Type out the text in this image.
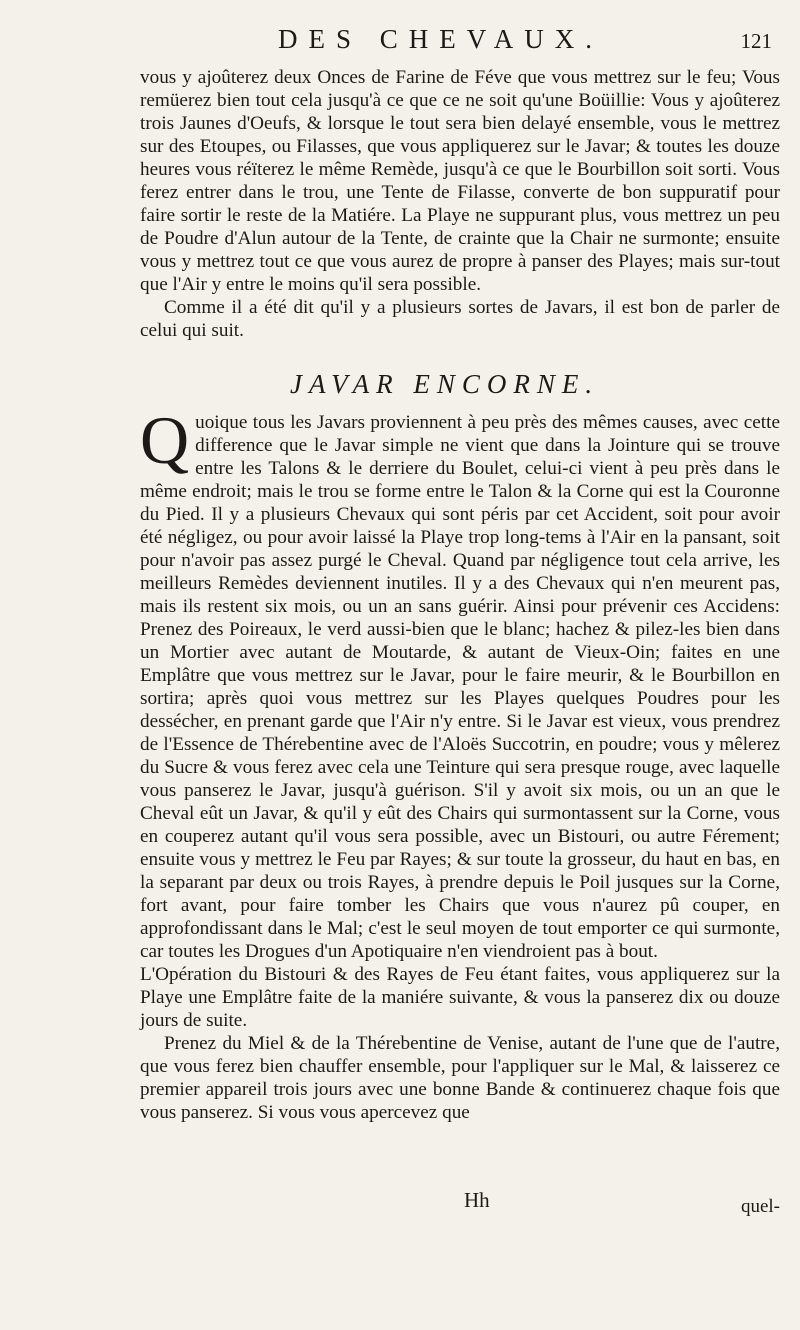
DES CHEVAUX.	121

vous y ajoûterez deux Onces de Farine de Féve que vous mettrez sur le feu; Vous remüerez bien tout cela jusqu'à ce que ce ne soit qu'une Boüillie: Vous y ajoûterez trois Jaunes d'Oeufs, & lorsque le tout sera bien delayé ensemble, vous le mettrez sur des Etoupes, ou Filasses, que vous appliquerez sur le Javar; & toutes les douze heures vous réïterez le même Remède, jusqu'à ce que le Bourbillon soit sorti. Vous ferez entrer dans le trou, une Tente de Filasse, converte de bon suppuratif pour faire sortir le reste de la Matiére. La Playe ne suppurant plus, vous mettrez un peu de Poudre d'Alun autour de la Tente, de crainte que la Chair ne surmonte; ensuite vous y mettrez tout ce que vous aurez de propre à panser des Playes; mais sur-tout que l'Air y entre le moins qu'il sera possible.

Comme il a été dit qu'il y a plusieurs sortes de Javars, il est bon de parler de celui qui suit.

JAVAR ENCORNE.

Quoique tous les Javars proviennent à peu près des mêmes causes, avec cette difference que le Javar simple ne vient que dans la Jointure qui se trouve entre les Talons & le derriere du Boulet, celui-ci vient à peu près dans le même endroit; mais le trou se forme entre le Talon & la Corne qui est la Couronne du Pied. Il y a plusieurs Chevaux qui sont péris par cet Accident, soit pour avoir été négligez, ou pour avoir laissé la Playe trop long-tems à l'Air en la pansant, soit pour n'avoir pas assez purgé le Cheval. Quand par négligence tout cela arrive, les meilleurs Remèdes deviennent inutiles. Il y a des Chevaux qui n'en meurent pas, mais ils restent six mois, ou un an sans guérir. Ainsi pour prévenir ces Accidens: Prenez des Poireaux, le verd aussi-bien que le blanc; hachez & pilez-les bien dans un Mortier avec autant de Moutarde, & autant de Vieux-Oin; faites en une Emplâtre que vous mettrez sur le Javar, pour le faire meurir, & le Bourbillon en sortira; après quoi vous mettrez sur les Playes quelques Poudres pour les dessécher, en prenant garde que l'Air n'y entre. Si le Javar est vieux, vous prendrez de l'Essence de Thérebentine avec de l'Aloës Succotrin, en poudre; vous y mêlerez du Sucre & vous ferez avec cela une Teinture qui sera presque rouge, avec laquelle vous panserez le Javar, jusqu'à guérison. S'il y avoit six mois, ou un an que le Cheval eût un Javar, & qu'il y eût des Chairs qui surmontassent sur la Corne, vous en couperez autant qu'il vous sera possible, avec un Bistouri, ou autre Férement; ensuite vous y mettrez le Feu par Rayes; & sur toute la grosseur, du haut en bas, en la separant par deux ou trois Rayes, à prendre depuis le Poil jusques sur la Corne, fort avant, pour faire tomber les Chairs que vous n'aurez pû couper, en approfondissant dans le Mal; c'est le seul moyen de tout emporter ce qui surmonte, car toutes les Drogues d'un Apotiquaire n'en viendroient pas à bout.

L'Opération du Bistouri & des Rayes de Feu étant faites, vous appliquerez sur la Playe une Emplâtre faite de la maniére suivante, & vous la panserez dix ou douze jours de suite.

Prenez du Miel & de la Thérebentine de Venise, autant de l'une que de l'autre, que vous ferez bien chauffer ensemble, pour l'appliquer sur le Mal, & laisserez ce premier appareil trois jours avec une bonne Bande & continuerez chaque fois que vous panserez. Si vous vous apercevez que

Hh	quel-
